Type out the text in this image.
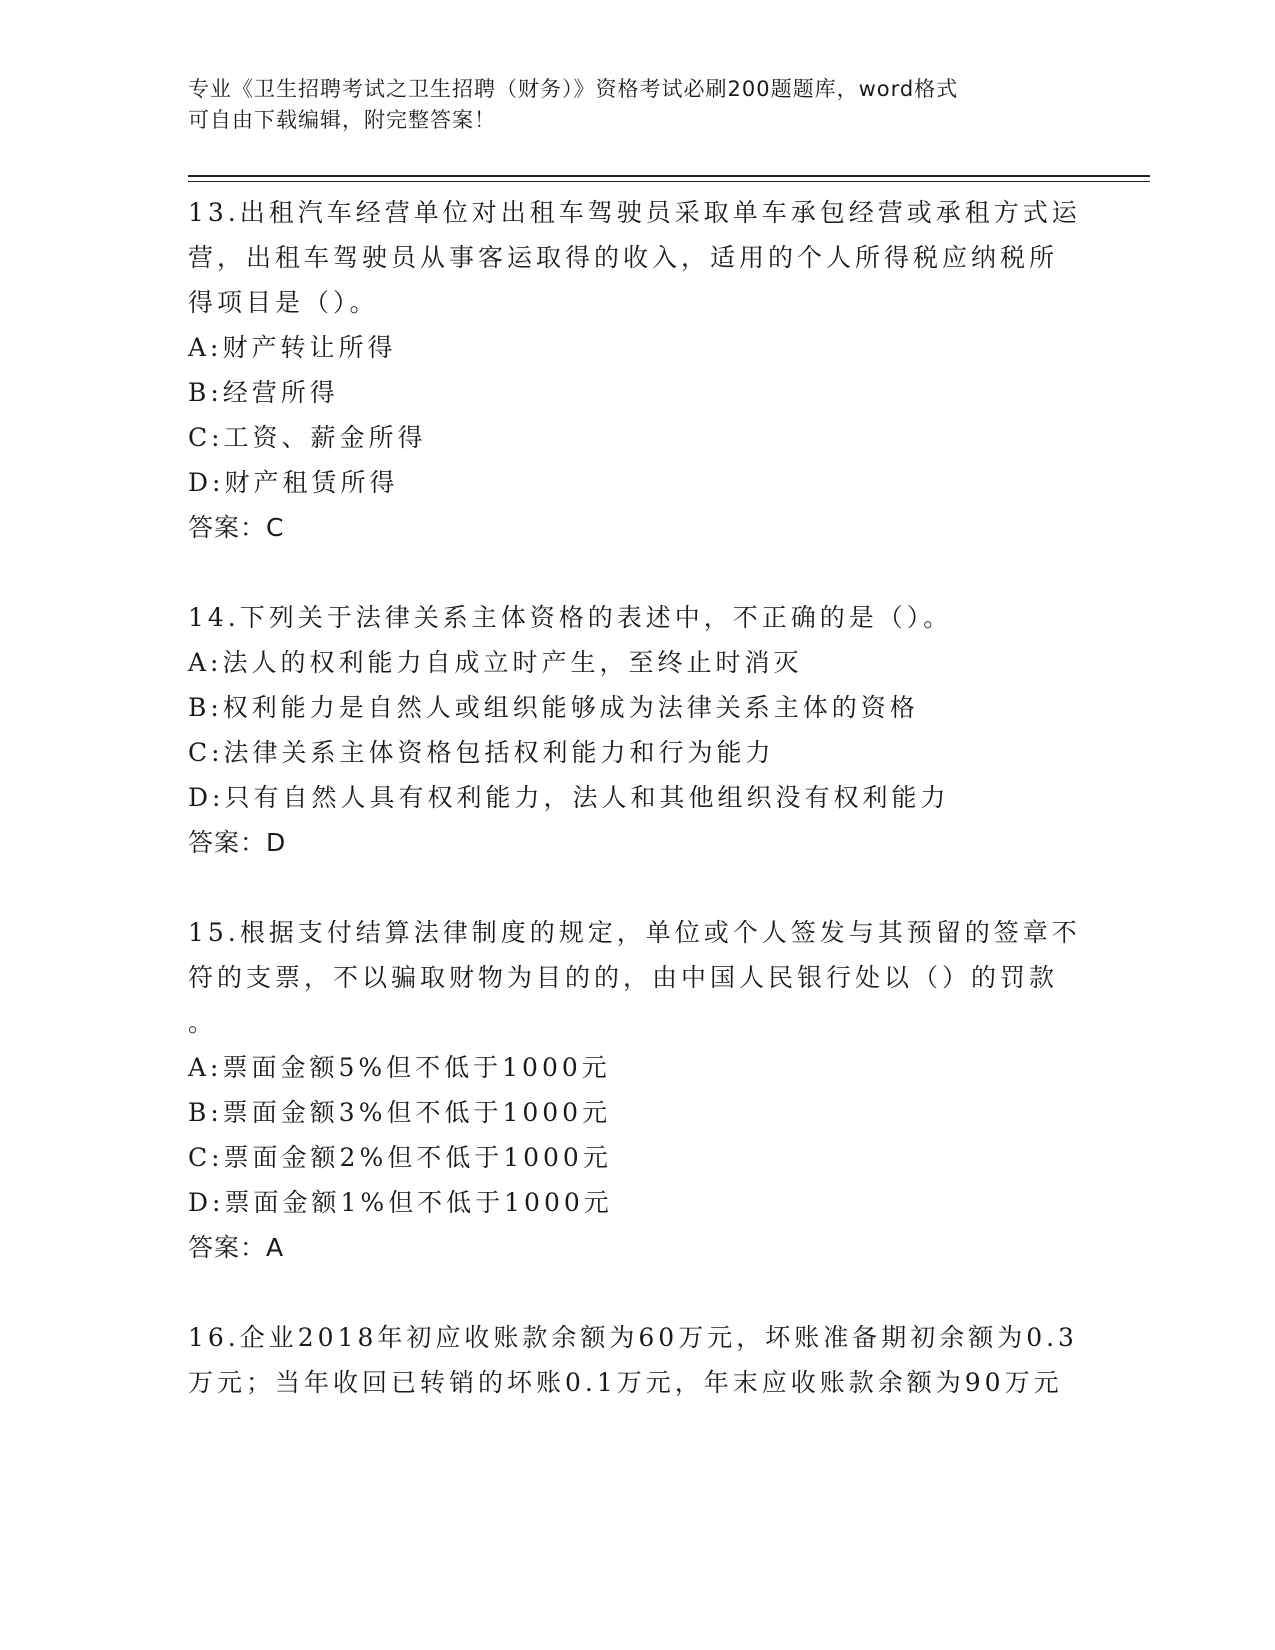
专业《卫生招聘考试之卫生招聘（财务）》资格考试必刷200题题库，word格式
可自由下载编辑，附完整答案！
13.出租汽车经营单位对出租车驾驶员采取单车承包经营或承租方式运
营，出租车驾驶员从事客运取得的收入，适用的个人所得税应纳税所
得项目是（）。
A:财产转让所得
B:经营所得
C:工资、薪金所得
D:财产租赁所得
答案：C
14.下列关于法律关系主体资格的表述中，不正确的是（）。
A:法人的权利能力自成立时产生，至终止时消灭
B:权利能力是自然人或组织能够成为法律关系主体的资格
C:法律关系主体资格包括权利能力和行为能力
D:只有自然人具有权利能力，法人和其他组织没有权利能力
答案：D
15.根据支付结算法律制度的规定，单位或个人签发与其预留的签章不
符的支票，不以骗取财物为目的的，由中国人民银行处以（）的罚款
。
A:票面金额5%但不低于1000元
B:票面金额3%但不低于1000元
C:票面金额2%但不低于1000元
D:票面金额1%但不低于1000元
答案：A
16.企业2018年初应收账款余额为60万元，坏账准备期初余额为0.3
万元；当年收回已转销的坏账0.1万元，年末应收账款余额为90万元
